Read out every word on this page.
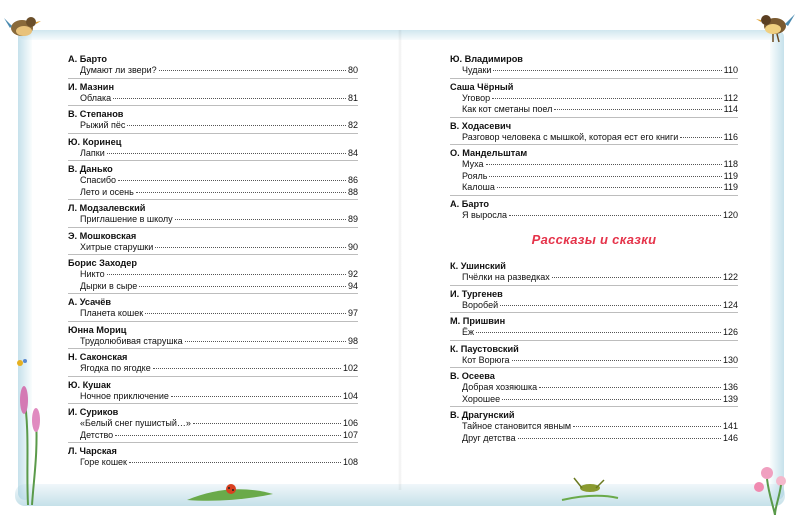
А. Барто
Думают ли звери?	80
И. Мазнин
Облака	81
В. Степанов
Рыжий пёс	82
Ю. Коринец
Лапки	84
В. Данько
Спасибо	86
Лето и осень	88
Л. Модзалевский
Приглашение в школу	89
Э. Мошковская
Хитрые старушки	90
Борис Заходер
Никто	92
Дырки в сыре	94
А. Усачёв
Планета кошек	97
Юнна Мориц
Трудолюбивая старушка	98
Н. Саконская
Ягодка по ягодке	102
Ю. Кушак
Ночное приключение	104
И. Суриков
«Белый снег пушистый…»	106
Детство	107
Л. Чарская
Горе кошек	108
Ю. Владимиров
Чудаки	110
Саша Чёрный
Уговор	112
Как кот сметаны поел	114
В. Ходасевич
Разговор человека с мышкой, которая ест его книги	116
О. Мандельштам
Муха	118
Рояль	119
Калоша	119
А. Барто
Я выросла	120
Рассказы и сказки
К. Ушинский
Пчёлки на разведках	122
И. Тургенев
Воробей	124
М. Пришвин
Ёж	126
К. Паустовский
Кот Ворюга	130
В. Осеева
Добрая хозяюшка	136
Хорошее	139
В. Драгунский
Тайное становится явным	141
Друг детства	146
